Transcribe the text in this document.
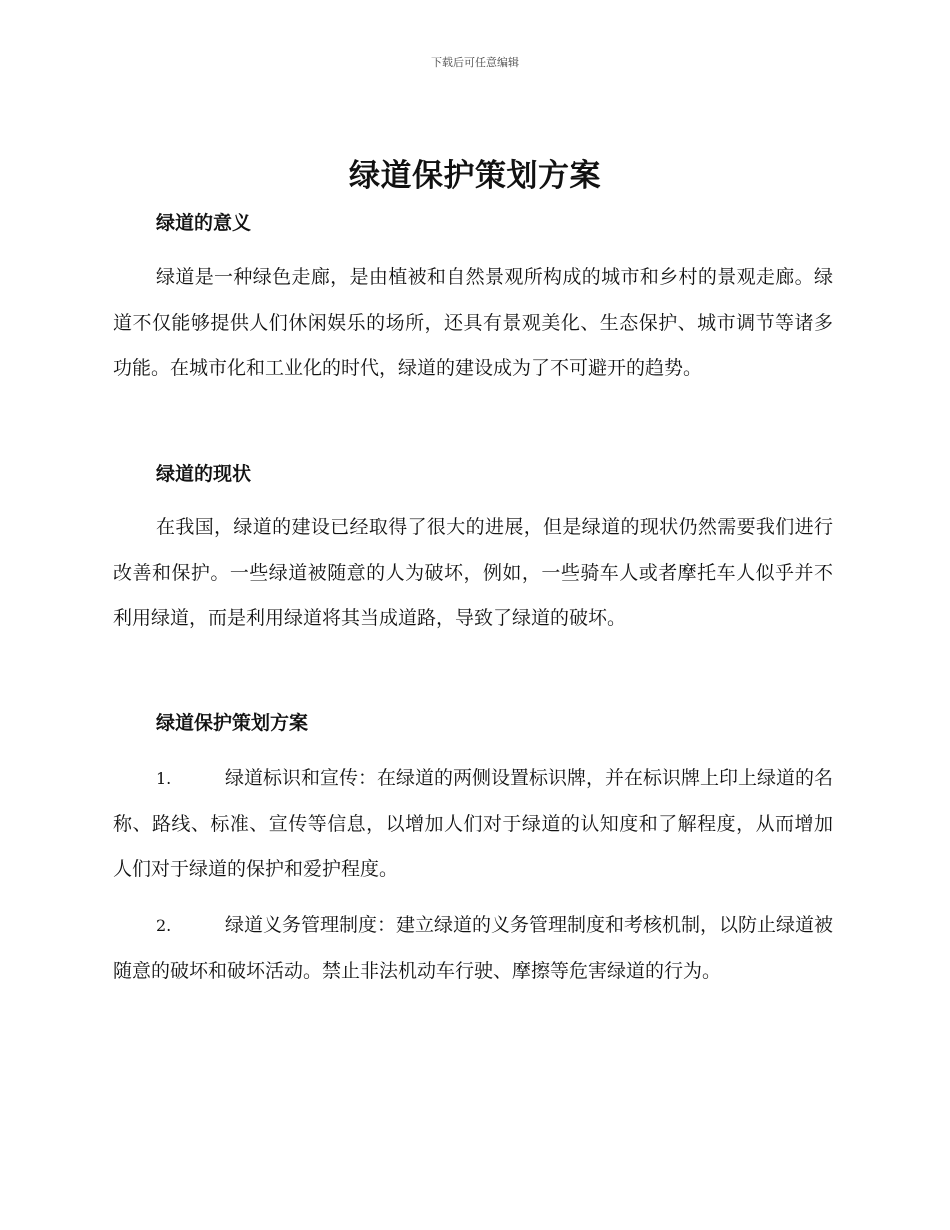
下载后可任意编辑
绿道保护策划方案
绿道的意义

绿道是一种绿色走廊，是由植被和自然景观所构成的城市和乡村的景观走廊。绿道不仅能够提供人们休闲娱乐的场所，还具有景观美化、生态保护、城市调节等诸多功能。在城市化和工业化的时代，绿道的建设成为了不可避开的趋势。

绿道的现状

在我国，绿道的建设已经取得了很大的进展，但是绿道的现状仍然需要我们进行改善和保护。一些绿道被随意的人为破坏，例如，一些骑车人或者摩托车人似乎并不利用绿道，而是利用绿道将其当成道路，导致了绿道的破坏。

绿道保护策划方案

1.	绿道标识和宣传：在绿道的两侧设置标识牌，并在标识牌上印上绿道的名称、路线、标准、宣传等信息，以增加人们对于绿道的认知度和了解程度，从而增加人们对于绿道的保护和爱护程度。

2.	绿道义务管理制度：建立绿道的义务管理制度和考核机制，以防止绿道被随意的破坏和破坏活动。禁止非法机动车行驶、摩擦等危害绿道的行为。
